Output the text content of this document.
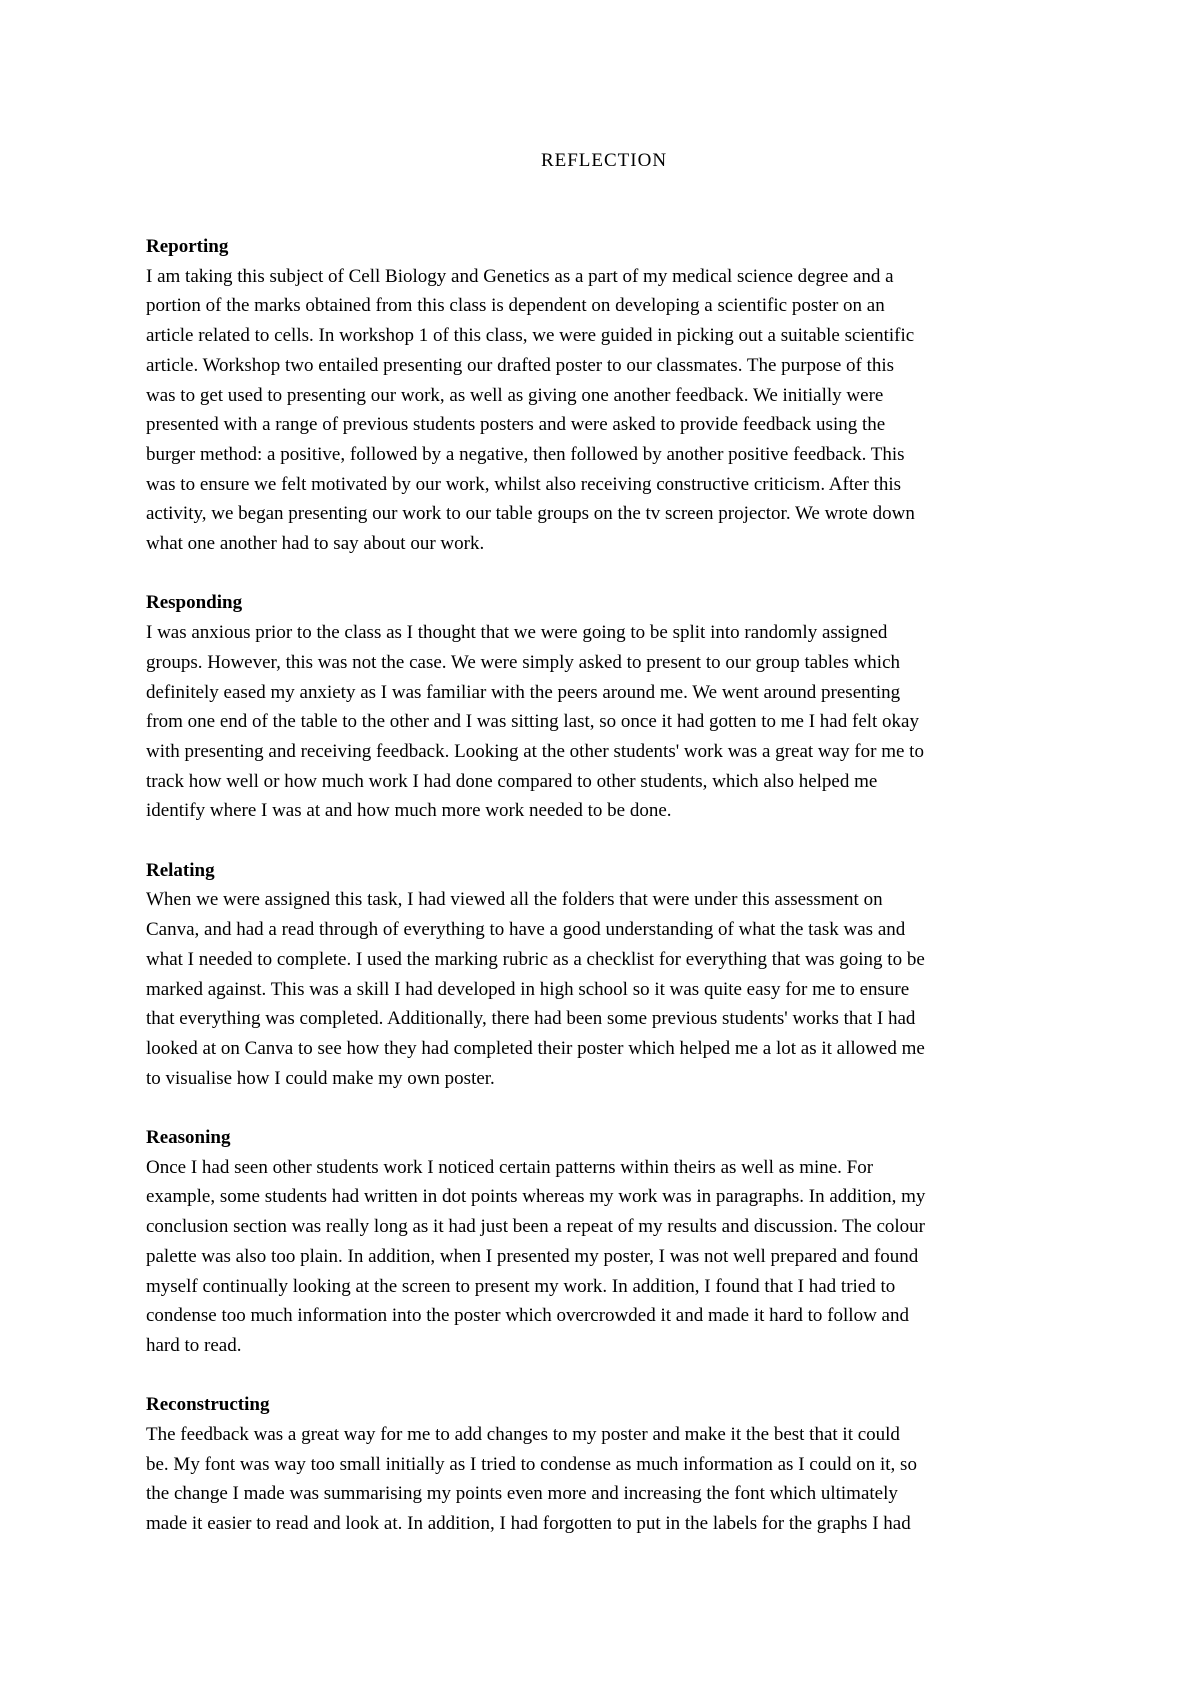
REFLECTION
Reporting
I am taking this subject of Cell Biology and Genetics as a part of my medical science degree and a
portion of the marks obtained from this class is dependent on developing a scientific poster on an
article related to cells. In workshop 1 of this class, we were guided in picking out a suitable scientific
article. Workshop two entailed presenting our drafted poster to our classmates. The purpose of this
was to get used to presenting our work, as well as giving one another feedback. We initially were
presented with a range of previous students posters and were asked to provide feedback using the
burger method: a positive, followed by a negative, then followed by another positive feedback. This
was to ensure we felt motivated by our work, whilst also receiving constructive criticism. After this
activity, we began presenting our work to our table groups on the tv screen projector. We wrote down
what one another had to say about our work.
Responding
I was anxious prior to the class as I thought that we were going to be split into randomly assigned
groups. However, this was not the case. We were simply asked to present to our group tables which
definitely eased my anxiety as I was familiar with the peers around me. We went around presenting
from one end of the table to the other and I was sitting last, so once it had gotten to me I had felt okay
with presenting and receiving feedback. Looking at the other students' work was a great way for me to
track how well or how much work I had done compared to other students, which also helped me
identify where I was at and how much more work needed to be done.
Relating
When we were assigned this task, I had viewed all the folders that were under this assessment on
Canva, and had a read through of everything to have a good understanding of what the task was and
what I needed to complete. I used the marking rubric as a checklist for everything that was going to be
marked against. This was a skill I had developed in high school so it was quite easy for me to ensure
that everything was completed. Additionally, there had been some previous students' works that I had
looked at on Canva to see how they had completed their poster which helped me a lot as it allowed me
to visualise how I could make my own poster.
Reasoning
Once I had seen other students work I noticed certain patterns within theirs as well as mine. For
example, some students had written in dot points whereas my work was in paragraphs. In addition, my
conclusion section was really long as it had just been a repeat of my results and discussion. The colour
palette was also too plain. In addition, when I presented my poster, I was not well prepared and found
myself continually looking at the screen to present my work. In addition, I found that I had tried to
condense too much information into the poster which overcrowded it and made it hard to follow and
hard to read.
Reconstructing
The feedback was a great way for me to add changes to my poster and make it the best that it could
be. My font was way too small initially as I tried to condense as much information as I could on it, so
the change I made was summarising my points even more and increasing the font which ultimately
made it easier to read and look at. In addition, I had forgotten to put in the labels for the graphs I had
